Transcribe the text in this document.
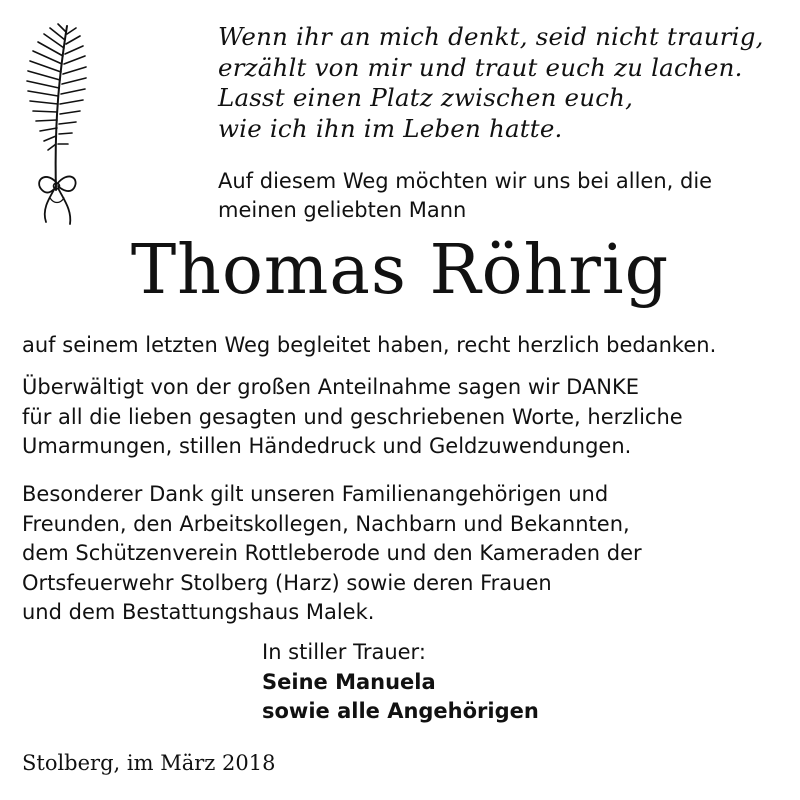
Wenn ihr an mich denkt, seid nicht traurig,
erzählt von mir und traut euch zu lachen.
Lasst einen Platz zwischen euch,
wie ich ihn im Leben hatte.
Auf diesem Weg möchten wir uns bei allen, die
meinen geliebten Mann
Thomas Röhrig
auf seinem letzten Weg begleitet haben, recht herzlich bedanken.
Überwältigt von der großen Anteilnahme sagen wir DANKE
für all die lieben gesagten und geschriebenen Worte, herzliche
Umarmungen, stillen Händedruck und Geldzuwendungen.
Besonderer Dank gilt unseren Familienangehörigen und
Freunden, den Arbeitskollegen, Nachbarn und Bekannten,
dem Schützenverein Rottleberode und den Kameraden der
Ortsfeuerwehr Stolberg (Harz) sowie deren Frauen
und dem Bestattungshaus Malek.
In stiller Trauer:
Seine Manuela
sowie alle Angehörigen
Stolberg, im März 2018
